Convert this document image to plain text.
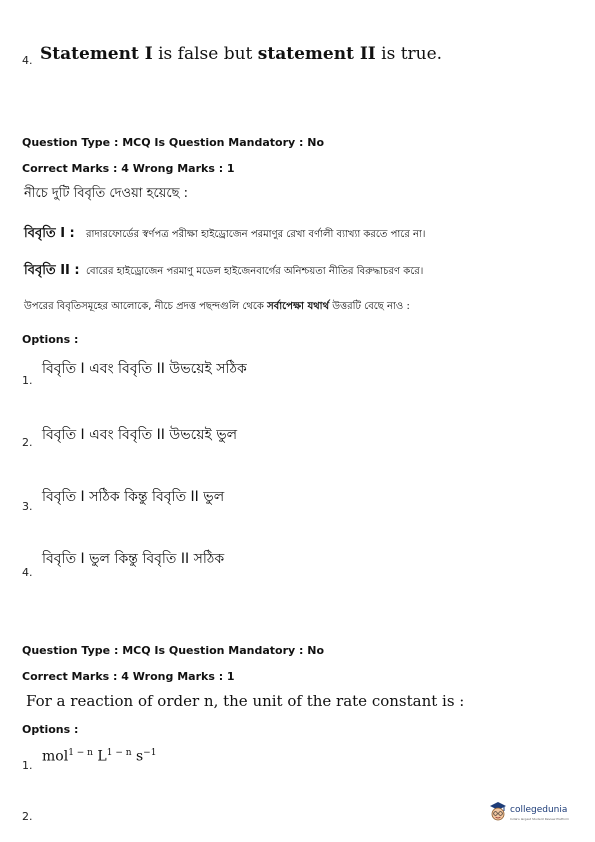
4. Statement I is false but statement II is true.
Question Type : MCQ Is Question Mandatory : No
Correct Marks : 4 Wrong Marks : 1
নীচে দুটি বিবৃতি দেওয়া হয়েছে :
বিবৃতি I : রাদারফোর্ডের স্বর্ণপত্র পরীক্ষা হাইড্রোজেন পরমাণুর রেখা বর্ণালী ব্যাখ্যা করতে পারে না।
বিবৃতি II : বোরের হাইড্রোজেন পরমাণু মডেল হাইজেনবার্গের অনিশ্চয়তা নীতির বিরুদ্ধাচরণ করে।
উপরের বিবৃতিসমূহের আলোকে, নীচে প্রদত্ত পছন্দগুলি থেকে সর্বাপেক্ষা যথার্থ উত্তরটি বেছে নাও :
Options :
1.
বিবৃতি I এবং বিবৃতি II উভয়েই সঠিক
2. বিবৃতি I এবং বিবৃতি II উভয়েই ভুল
3.
বিবৃতি I সঠিক কিন্তু বিবৃতি II ভুল
4.
বিবৃতি I ভুল কিন্তু বিবৃতি II সঠিক
Question Type : MCQ Is Question Mandatory : No
Correct Marks : 4 Wrong Marks : 1
For a reaction of order n, the unit of the rate constant is :
Options :
1.
mol$^{1 - n}$ $L^{1 - n}$ $s^{-1}$
2.	collegedunia
India's largest Student Review Platform
